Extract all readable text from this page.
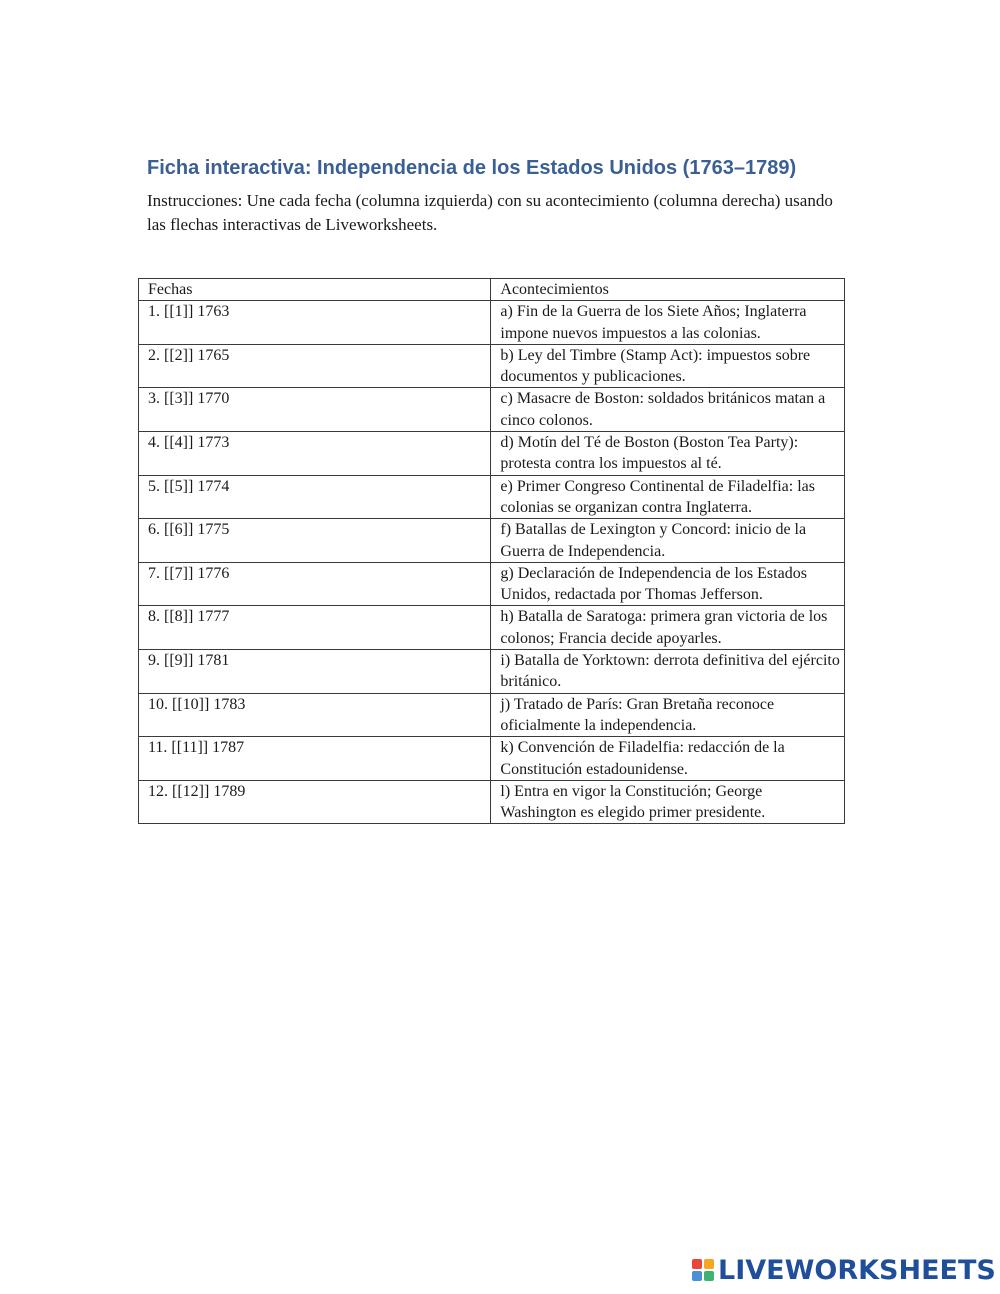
Ficha interactiva: Independencia de los Estados Unidos (1763–1789)
Instrucciones: Une cada fecha (columna izquierda) con su acontecimiento (columna derecha) usando las flechas interactivas de Liveworksheets.
Fechas	Acontecimientos
1. [[1]] 1763	a) Fin de la Guerra de los Siete Años; Inglaterra impone nuevos impuestos a las colonias.
2. [[2]] 1765	b) Ley del Timbre (Stamp Act): impuestos sobre documentos y publicaciones.
3. [[3]] 1770	c) Masacre de Boston: soldados británicos matan a cinco colonos.
4. [[4]] 1773	d) Motín del Té de Boston (Boston Tea Party): protesta contra los impuestos al té.
5. [[5]] 1774	e) Primer Congreso Continental de Filadelfia: las colonias se organizan contra Inglaterra.
6. [[6]] 1775	f) Batallas de Lexington y Concord: inicio de la Guerra de Independencia.
7. [[7]] 1776	g) Declaración de Independencia de los Estados Unidos, redactada por Thomas Jefferson.
8. [[8]] 1777	h) Batalla de Saratoga: primera gran victoria de los colonos; Francia decide apoyarles.
9. [[9]] 1781	i) Batalla de Yorktown: derrota definitiva del ejército británico.
10. [[10]] 1783	j) Tratado de París: Gran Bretaña reconoce oficialmente la independencia.
11. [[11]] 1787	k) Convención de Filadelfia: redacción de la Constitución estadounidense.
12. [[12]] 1789	l) Entra en vigor la Constitución; George Washington es elegido primer presidente.
LIVEWORKSHEETS
